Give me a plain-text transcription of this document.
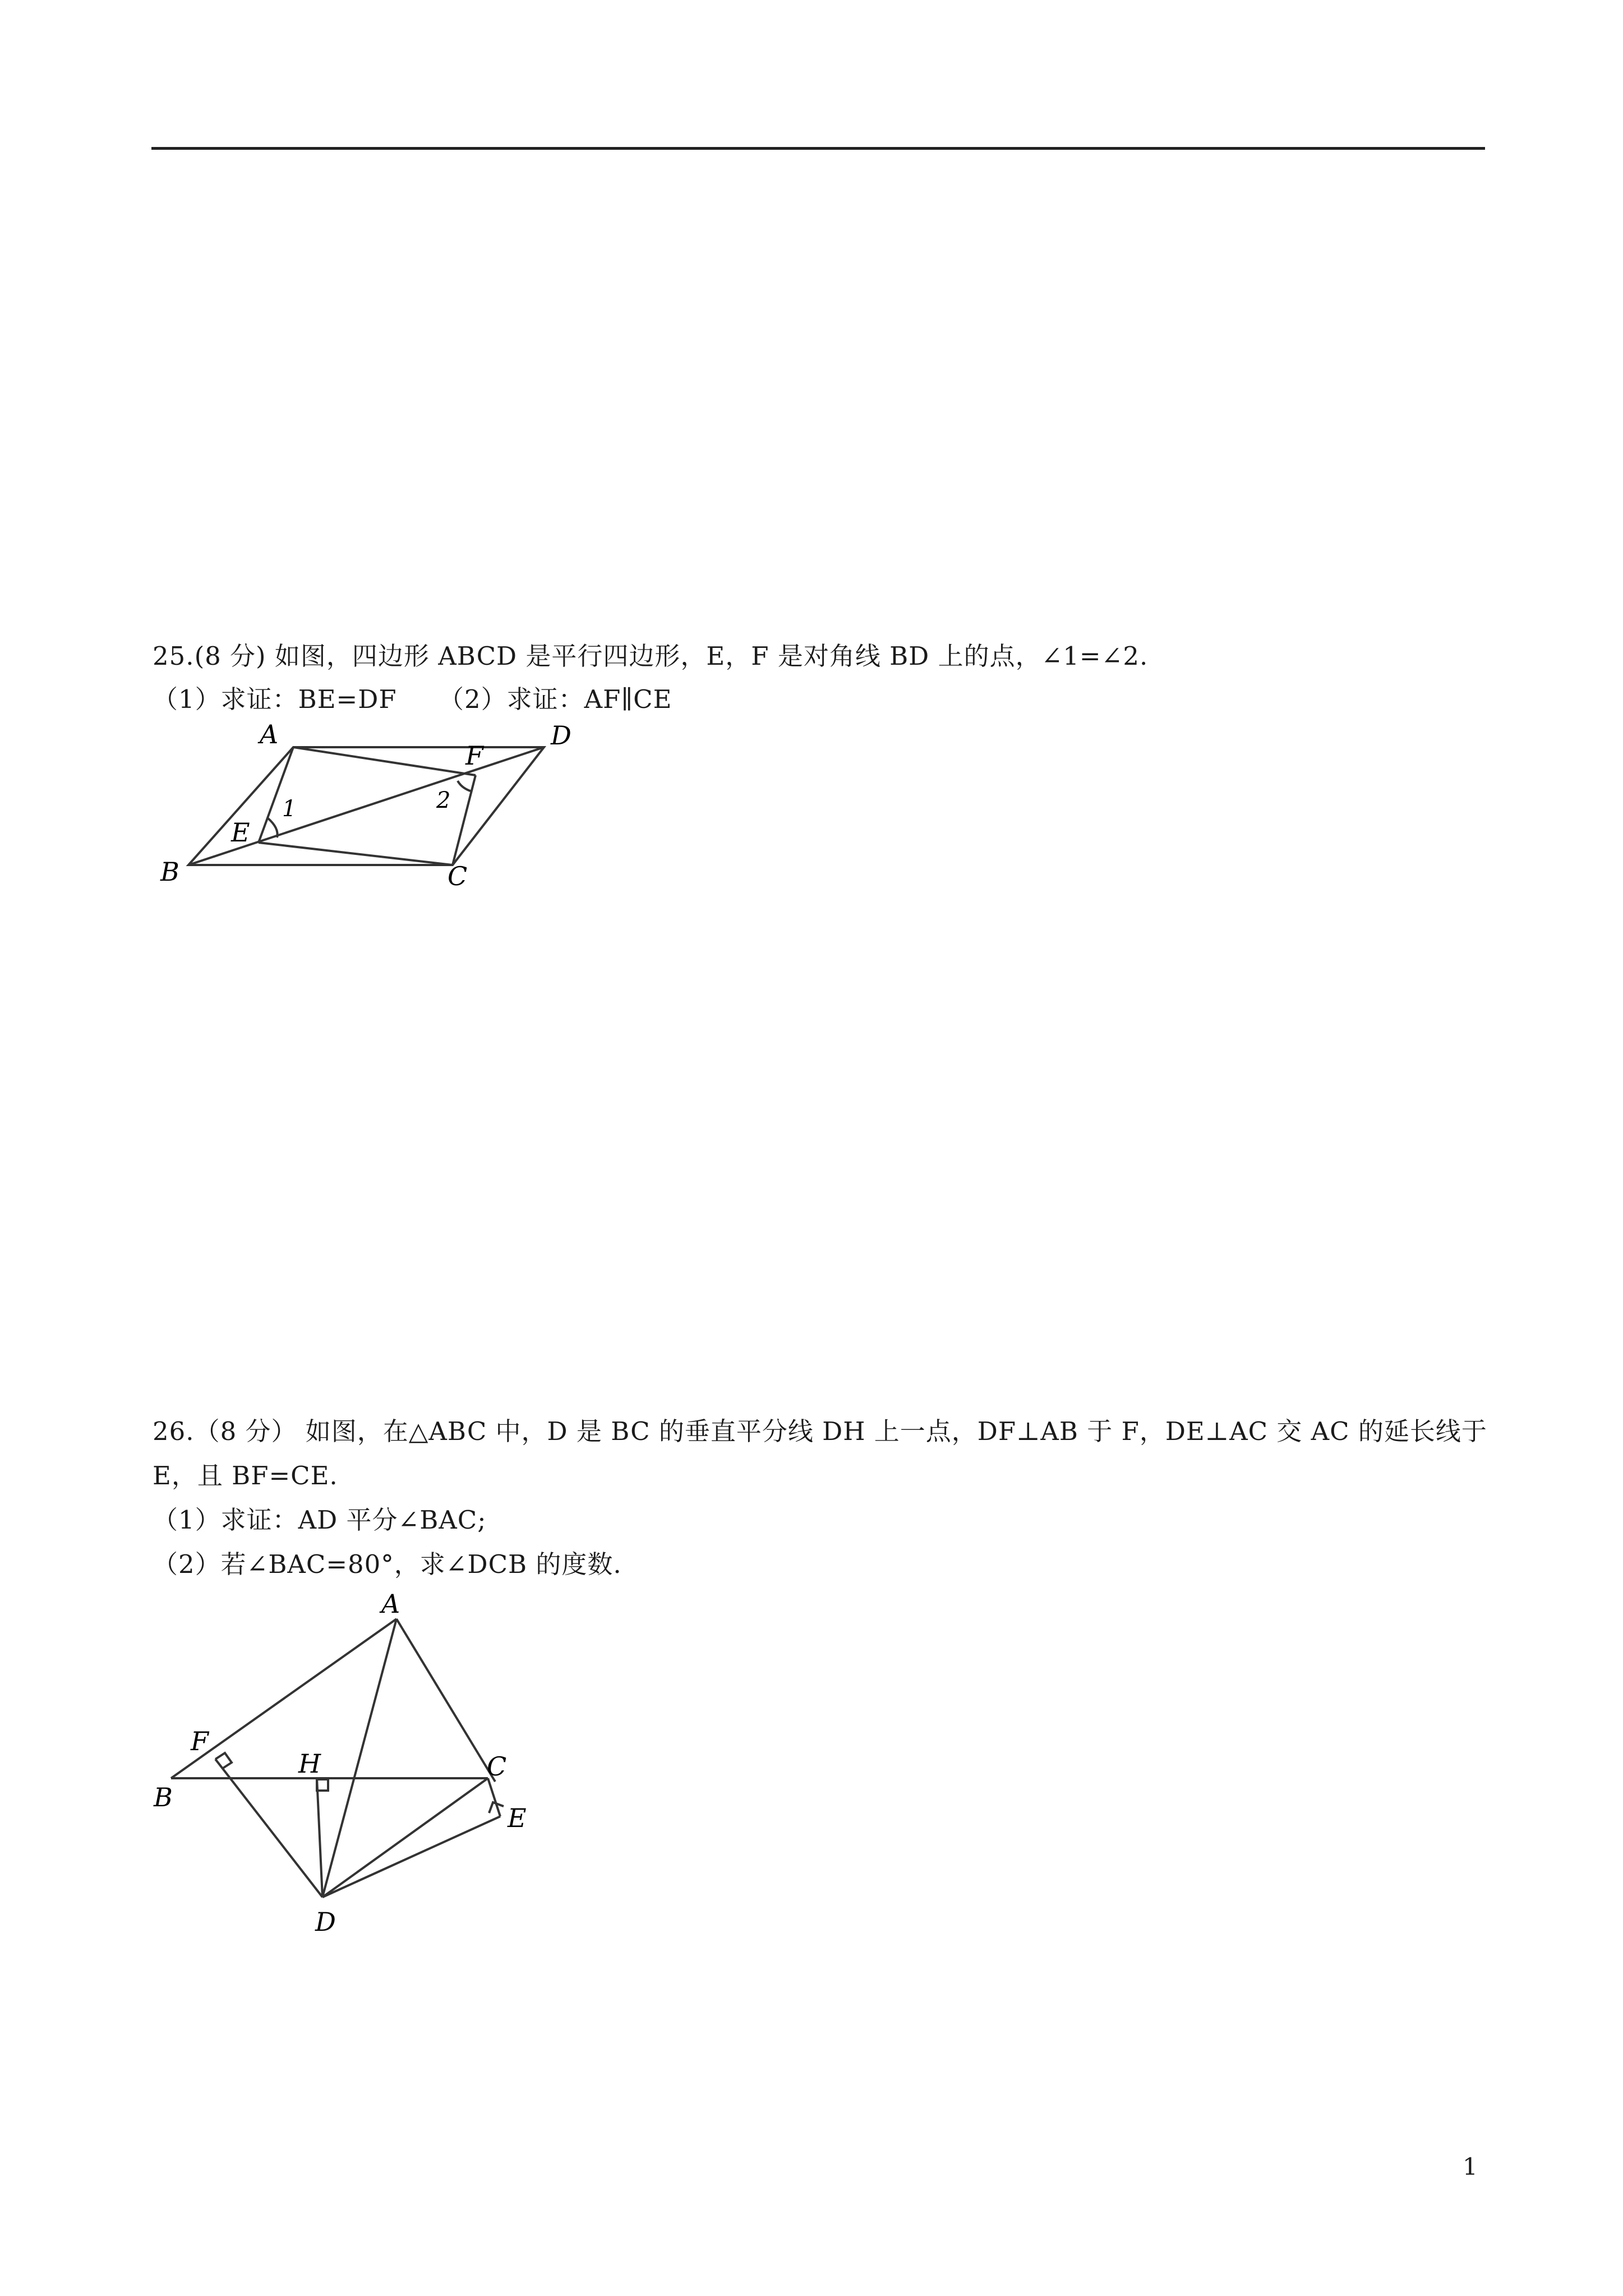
25.(8 分) 如图，四边形 ABCD 是平行四边形，E，F 是对角线 BD 上的点，∠1=∠2.
（1）求证：BE=DF （2）求证：AF∥CE
A	D
F
2
1
E
B	C
26.（8 分） 如图，在△ABC 中，D 是 BC 的垂直平分线 DH 上一点，DF⊥AB 于 F，DE⊥AC 交 AC 的延长线于
E，且 BF=CE.
（1）求证：AD 平分∠BAC;
（2）若∠BAC=80°，求∠DCB 的度数.
A
F
H	C
B
E
D
1
